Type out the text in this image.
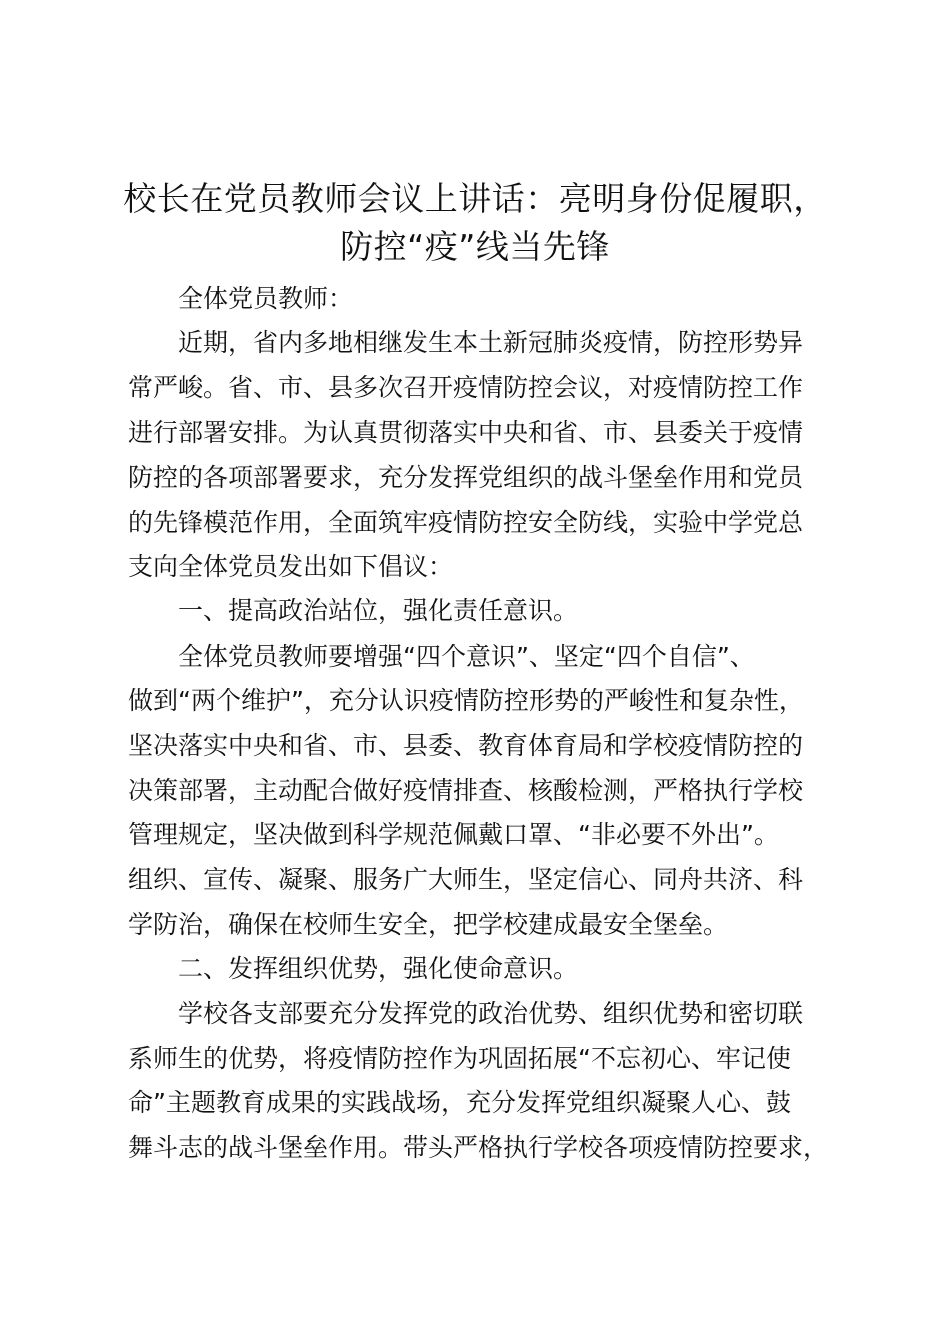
校长在党员教师会议上讲话：亮明身份促履职，
防控“疫”线当先锋

全体党员教师：

近期，省内多地相继发生本土新冠肺炎疫情，防控形势异

常严峻。省、市、县多次召开疫情防控会议，对疫情防控工作

进行部署安排。为认真贯彻落实中央和省、市、县委关于疫情

防控的各项部署要求，充分发挥党组织的战斗堡垒作用和党员

的先锋模范作用，全面筑牢疫情防控安全防线，实验中学党总

支向全体党员发出如下倡议：

一、提高政治站位，强化责任意识。

全体党员教师要增强“四个意识”、坚定“四个自信”、

做到“两个维护”，充分认识疫情防控形势的严峻性和复杂性，

坚决落实中央和省、市、县委、教育体育局和学校疫情防控的

决策部署，主动配合做好疫情排查、核酸检测，严格执行学校

管理规定，坚决做到科学规范佩戴口罩、“非必要不外出”。

组织、宣传、凝聚、服务广大师生，坚定信心、同舟共济、科

学防治，确保在校师生安全，把学校建成最安全堡垒。

二、发挥组织优势，强化使命意识。

学校各支部要充分发挥党的政治优势、组织优势和密切联

系师生的优势，将疫情防控作为巩固拓展“不忘初心、牢记使

命”主题教育成果的实践战场，充分发挥党组织凝聚人心、鼓

舞斗志的战斗堡垒作用。带头严格执行学校各项疫情防控要求，
